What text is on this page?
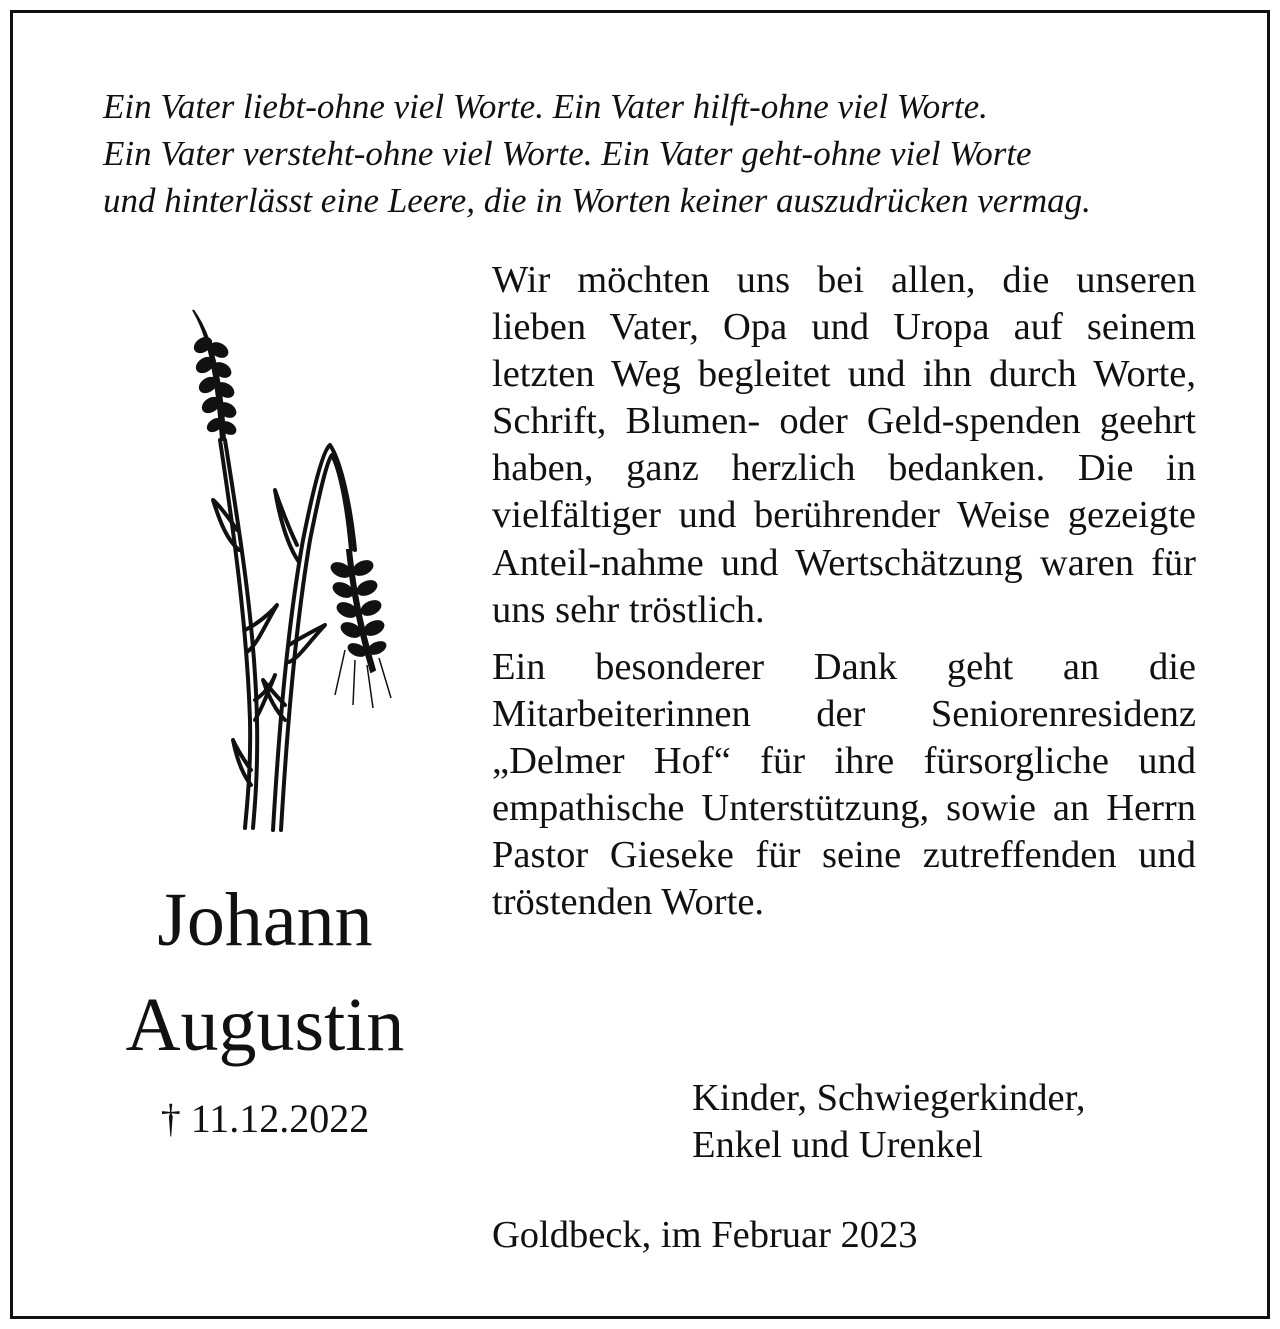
Ein Vater liebt-ohne viel Worte. Ein Vater hilft-ohne viel Worte.
Ein Vater versteht-ohne viel Worte. Ein Vater geht-ohne viel Worte
und hinterlässt eine Leere, die in Worten keiner auszudrücken vermag.

Johann
Augustin
† 11.12.2022

Wir möchten uns bei allen, die unseren lieben Vater, Opa und Uropa auf seinem letzten Weg begleitet und ihn durch Worte, Schrift, Blumen- oder Geld-spenden geehrt haben, ganz herzlich bedanken. Die in vielfältiger und berührender Weise gezeigte Anteil-nahme und Wertschätzung waren für uns sehr tröstlich.

Ein besonderer Dank geht an die Mitarbeiterinnen der Seniorenresidenz „Delmer Hof“ für ihre fürsorgliche und empathische Unterstützung, sowie an Herrn Pastor Gieseke für seine zutreffenden und tröstenden Worte.

Kinder, Schwiegerkinder,
Enkel und Urenkel
Goldbeck, im Februar 2023
